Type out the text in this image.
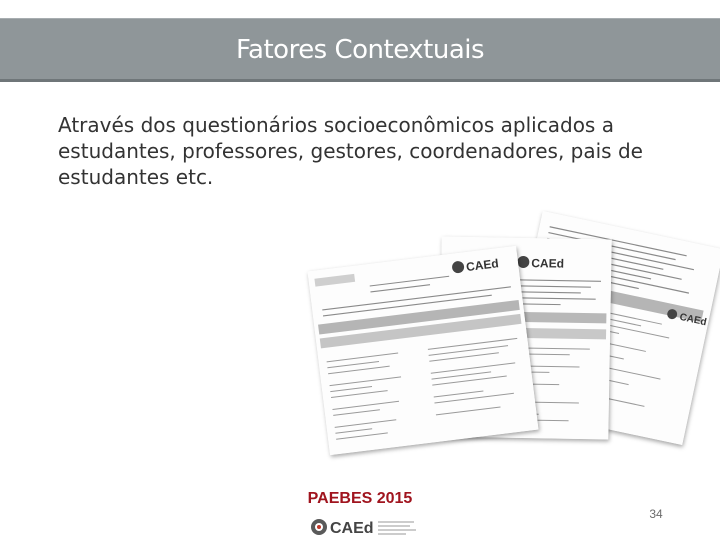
Fatores Contextuais
Através dos questionários socioeconômicos aplicados a estudantes, professores, gestores, coordenadores, pais de estudantes etc.
CAEd
CAEd
CAEd
PAEBES 2015
CAEd
34
